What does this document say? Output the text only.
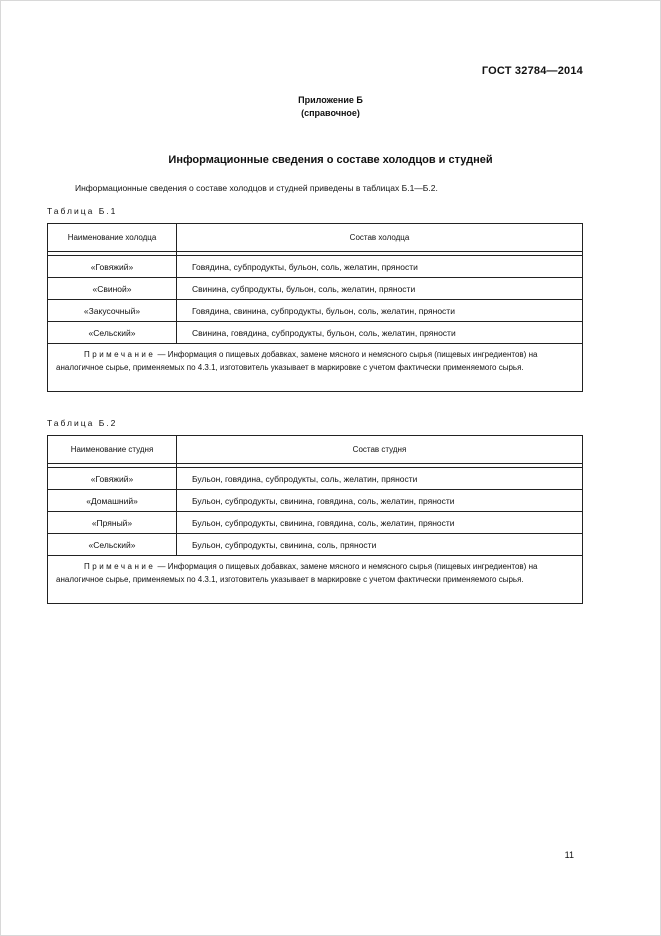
ГОСТ 32784—2014
Приложение Б
(справочное)
Информационные сведения о составе холодцов и студней
Информационные сведения о составе холодцов и студней приведены в таблицах Б.1—Б.2.
Таблица Б.1
Наименование холодца	Состав холодца

«Говяжий»	Говядина, субпродукты, бульон, соль, желатин, пряности
«Свиной»	Свинина, субпродукты, бульон, соль, желатин, пряности
«Закусочный»	Говядина, свинина, субпродукты, бульон, соль, желатин, пряности
«Сельский»	Свинина, говядина, субпродукты, бульон, соль, желатин, пряности
Примечание — Информация о пищевых добавках, замене мясного и немясного сырья (пищевых ингредиентов) на аналогичное сырье, применяемых по 4.3.1, изготовитель указывает в маркировке с учетом фактически применяемого сырья.	
Таблица Б.2
Наименование студня	Состав студня

«Говяжий»	Бульон, говядина, субпродукты, соль, желатин, пряности
«Домашний»	Бульон, субпродукты, свинина, говядина, соль, желатин, пряности
«Пряный»	Бульон, субпродукты, свинина, говядина, соль, желатин, пряности
«Сельский»	Бульон, субпродукты, свинина, соль, пряности
Примечание — Информация о пищевых добавках, замене мясного и немясного сырья (пищевых ингредиентов) на аналогичное сырье, применяемых по 4.3.1, изготовитель указывает в маркировке с учетом фактически применяемого сырья.	
11
